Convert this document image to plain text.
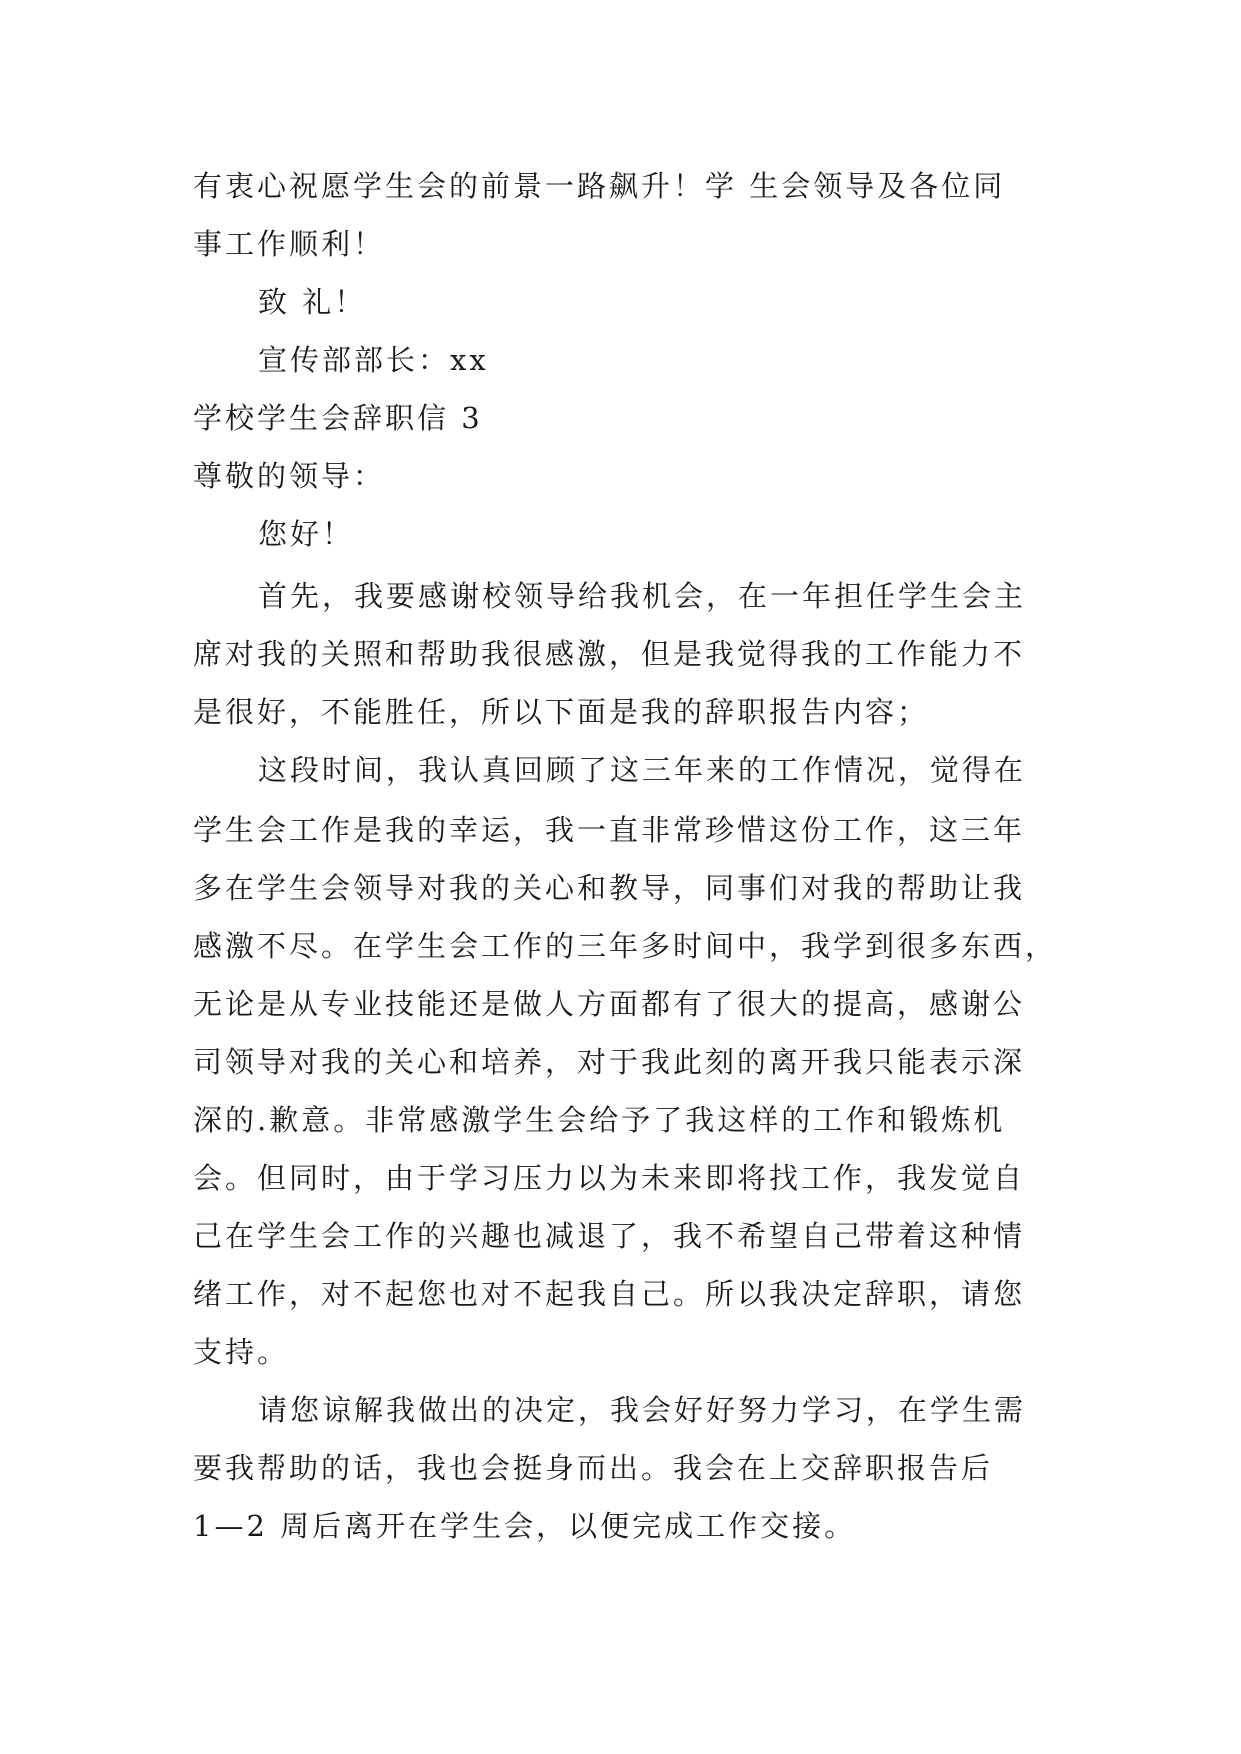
有衷心祝愿学生会的前景一路飙升！学 生会领导及各位同
事工作顺利！
致 礼！
宣传部部长：xx
学校学生会辞职信 3
尊敬的领导：
您好！
首先，我要感谢校领导给我机会，在一年担任学生会主
席对我的关照和帮助我很感激，但是我觉得我的工作能力不
是很好，不能胜任，所以下面是我的辞职报告内容；
这段时间，我认真回顾了这三年来的工作情况，觉得在
学生会工作是我的幸运，我一直非常珍惜这份工作，这三年
多在学生会领导对我的关心和教导，同事们对我的帮助让我
感激不尽。在学生会工作的三年多时间中，我学到很多东西，
无论是从专业技能还是做人方面都有了很大的提高，感谢公
司领导对我的关心和培养，对于我此刻的离开我只能表示深
深的.歉意。非常感激学生会给予了我这样的工作和锻炼机
会。但同时，由于学习压力以为未来即将找工作，我发觉自
己在学生会工作的兴趣也减退了，我不希望自己带着这种情
绪工作，对不起您也对不起我自己。所以我决定辞职，请您
支持。
请您谅解我做出的决定，我会好好努力学习，在学生需
要我帮助的话，我也会挺身而出。我会在上交辞职报告后
1—2 周后离开在学生会，以便完成工作交接。
